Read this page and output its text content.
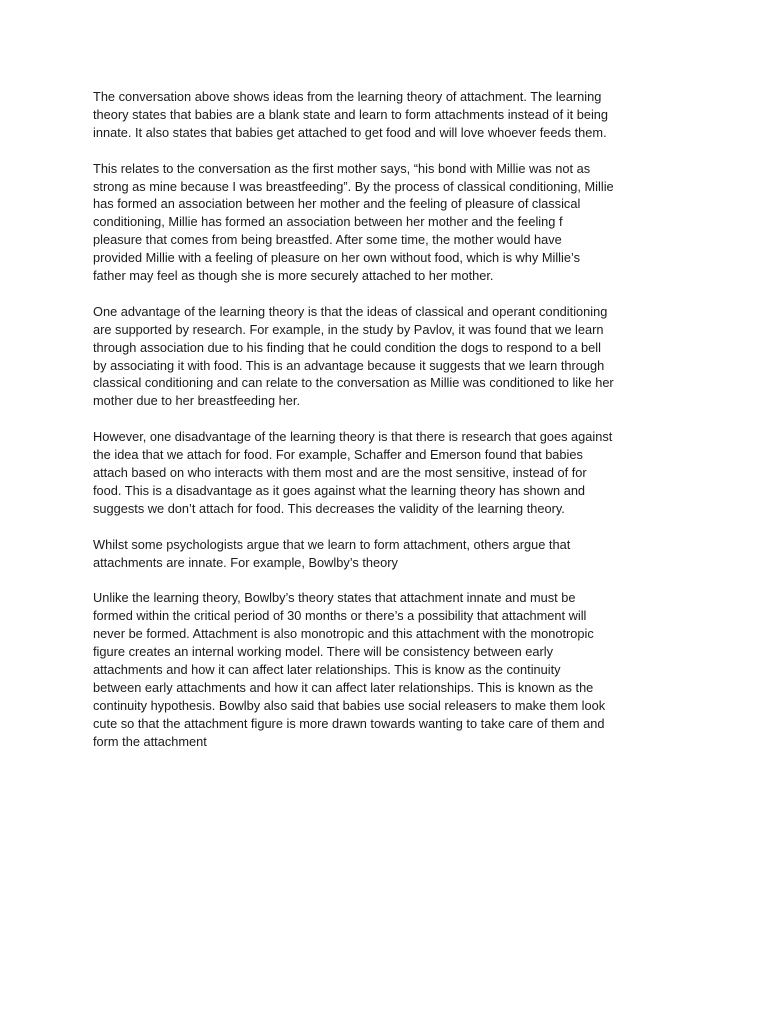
The conversation above shows ideas from the learning theory of attachment. The learning
theory states that babies are a blank state and learn to form attachments instead of it being
innate. It also states that babies get attached to get food and will love whoever feeds them.

This relates to the conversation as the first mother says, “his bond with Millie was not as
strong as mine because I was breastfeeding”. By the process of classical conditioning, Millie
has formed an association between her mother and the feeling of pleasure of classical
conditioning, Millie has formed an association between her mother and the feeling f
pleasure that comes from being breastfed. After some time, the mother would have
provided Millie with a feeling of pleasure on her own without food, which is why Millie’s
father may feel as though she is more securely attached to her mother.

One advantage of the learning theory is that the ideas of classical and operant conditioning
are supported by research. For example, in the study by Pavlov, it was found that we learn
through association due to his finding that he could condition the dogs to respond to a bell
by associating it with food. This is an advantage because it suggests that we learn through
classical conditioning and can relate to the conversation as Millie was conditioned to like her
mother due to her breastfeeding her.

However, one disadvantage of the learning theory is that there is research that goes against
the idea that we attach for food. For example, Schaffer and Emerson found that babies
attach based on who interacts with them most and are the most sensitive, instead of for
food. This is a disadvantage as it goes against what the learning theory has shown and
suggests we don’t attach for food. This decreases the validity of the learning theory.

Whilst some psychologists argue that we learn to form attachment, others argue that
attachments are innate. For example, Bowlby’s theory

Unlike the learning theory, Bowlby’s theory states that attachment innate and must be
formed within the critical period of 30 months or there’s a possibility that attachment will
never be formed. Attachment is also monotropic and this attachment with the monotropic
figure creates an internal working model. There will be consistency between early
attachments and how it can affect later relationships. This is know as the continuity
between early attachments and how it can affect later relationships. This is known as the
continuity hypothesis. Bowlby also said that babies use social releasers to make them look
cute so that the attachment figure is more drawn towards wanting to take care of them and
form the attachment
